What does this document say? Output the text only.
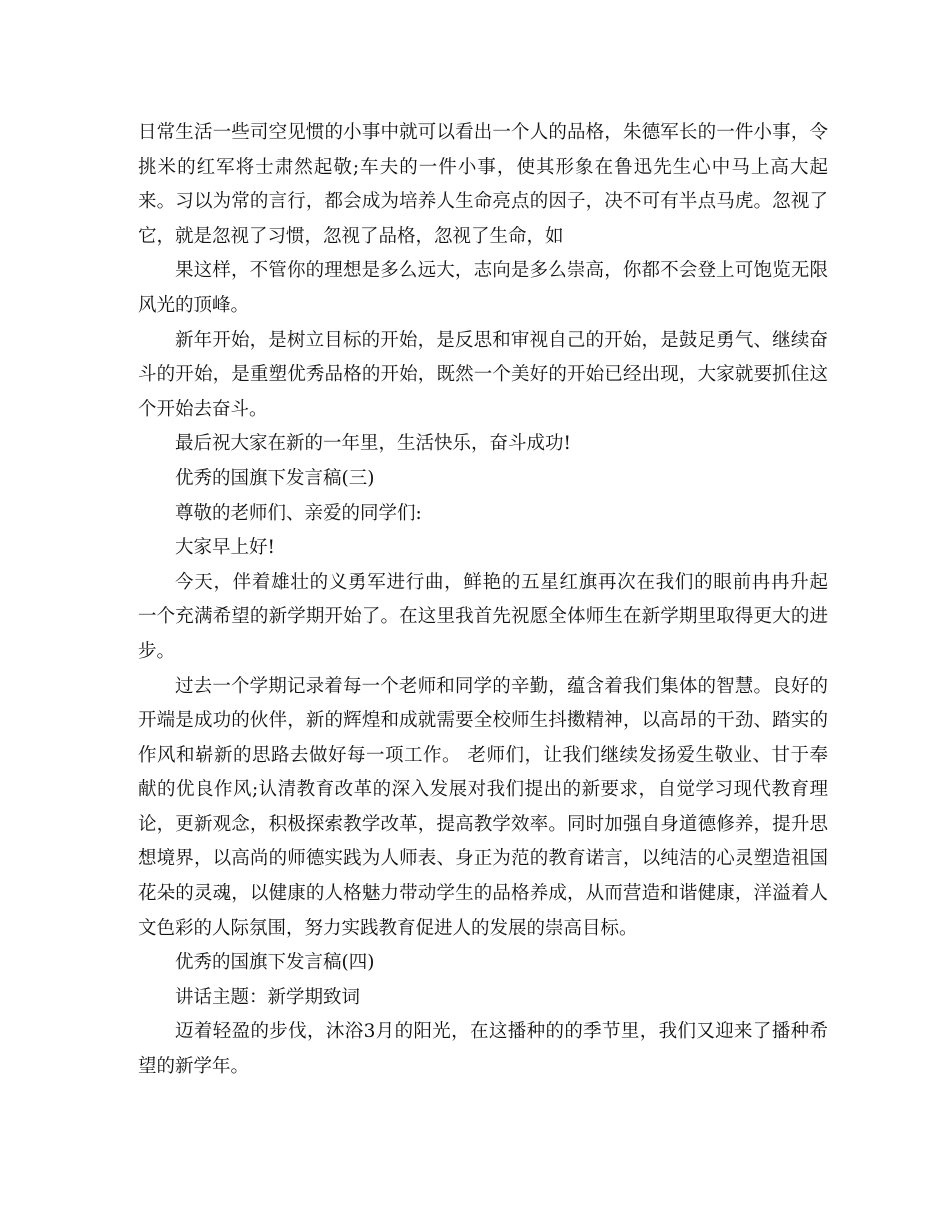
日常生活一些司空见惯的小事中就可以看出一个人的品格，朱德军长的一件小事，令挑米的红军将士肃然起敬;车夫的一件小事，使其形象在鲁迅先生心中马上高大起来。习以为常的言行，都会成为培养人生命亮点的因子，决不可有半点马虎。忽视了它，就是忽视了习惯，忽视了品格，忽视了生命，如

果这样，不管你的理想是多么远大，志向是多么崇高，你都不会登上可饱览无限风光的顶峰。

新年开始，是树立目标的开始，是反思和审视自己的开始，是鼓足勇气、继续奋斗的开始，是重塑优秀品格的开始，既然一个美好的开始已经出现，大家就要抓住这个开始去奋斗。

最后祝大家在新的一年里，生活快乐，奋斗成功!

优秀的国旗下发言稿(三)

尊敬的老师们、亲爱的同学们:

大家早上好!

今天，伴着雄壮的义勇军进行曲，鲜艳的五星红旗再次在我们的眼前冉冉升起 一个充满希望的新学期开始了。在这里我首先祝愿全体师生在新学期里取得更大的进步。

过去一个学期记录着每一个老师和同学的辛勤，蕴含着我们集体的智慧。良好的开端是成功的伙伴，新的辉煌和成就需要全校师生抖擞精神，以高昂的干劲、踏实的作风和崭新的思路去做好每一项工作。 老师们，让我们继续发扬爱生敬业、甘于奉献的优良作风;认清教育改革的深入发展对我们提出的新要求，自觉学习现代教育理论，更新观念，积极探索教学改革，提高教学效率。同时加强自身道德修养，提升思想境界，以高尚的师德实践为人师表、身正为范的教育诺言，以纯洁的心灵塑造祖国花朵的灵魂，以健康的人格魅力带动学生的品格养成，从而营造和谐健康，洋溢着人文色彩的人际氛围，努力实践教育促进人的发展的崇高目标。

优秀的国旗下发言稿(四)

讲话主题：新学期致词

迈着轻盈的步伐，沐浴3月的阳光，在这播种的的季节里，我们又迎来了播种希望的新学年。
